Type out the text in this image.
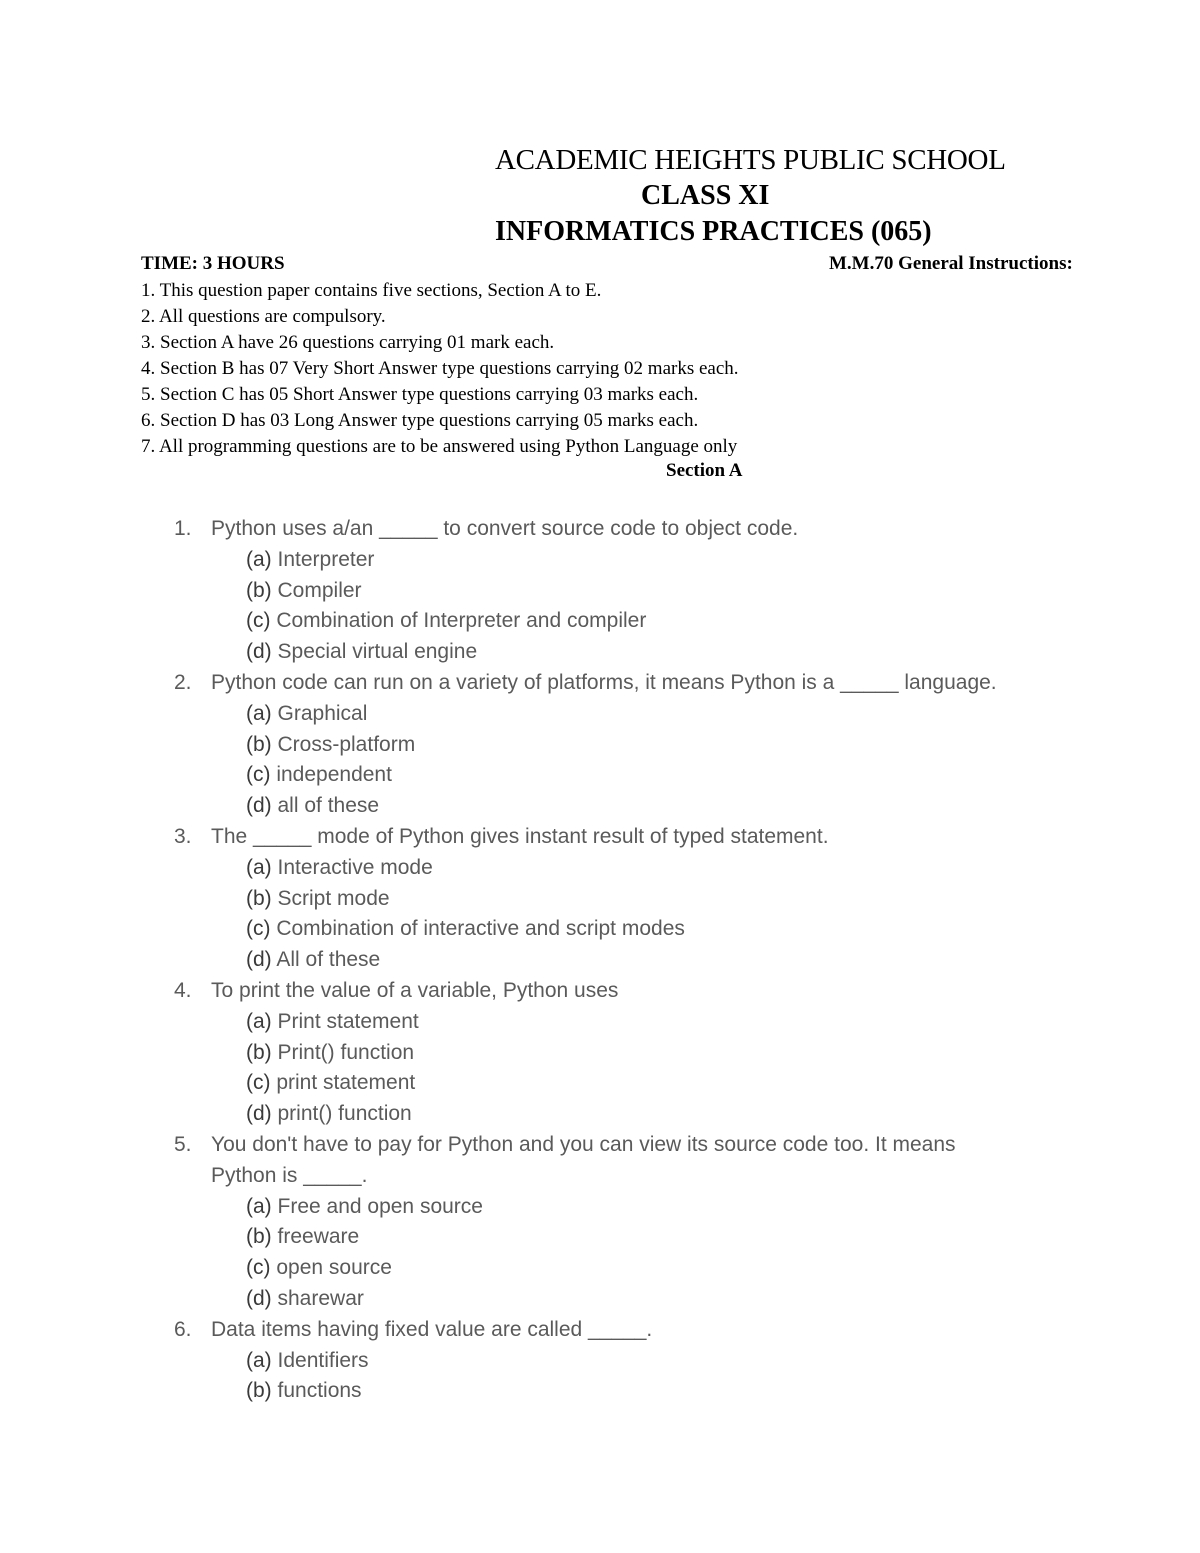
ACADEMIC HEIGHTS PUBLIC SCHOOL
CLASS XI
INFORMATICS PRACTICES (065)
TIME: 3 HOURS	M.M.70 General Instructions:
1. This question paper contains five sections, Section A to E.
2. All questions are compulsory.
3. Section A have 26 questions carrying 01 mark each.
4. Section B has 07 Very Short Answer type questions carrying 02 marks each.
5. Section C has 05 Short Answer type questions carrying 03 marks each.
6. Section D has 03 Long Answer type questions carrying 05 marks each.
7. All programming questions are to be answered using Python Language only
Section A
1. Python uses a/an _____ to convert source code to object code.
(a) Interpreter
(b) Compiler
(c) Combination of Interpreter and compiler
(d) Special virtual engine
2. Python code can run on a variety of platforms, it means Python is a _____ language.
(a) Graphical
(b) Cross-platform
(c) independent
(d) all of these
3. The _____ mode of Python gives instant result of typed statement.
(a) Interactive mode
(b) Script mode
(c) Combination of interactive and script modes
(d) All of these
4. To print the value of a variable, Python uses
(a) Print statement
(b) Print() function
(c) print statement
(d) print() function
5. You don't have to pay for Python and you can view its source code too. It means
Python is _____.
(a) Free and open source
(b) freeware
(c) open source
(d) sharewar
6. Data items having fixed value are called _____.
(a) Identifiers
(b) functions
